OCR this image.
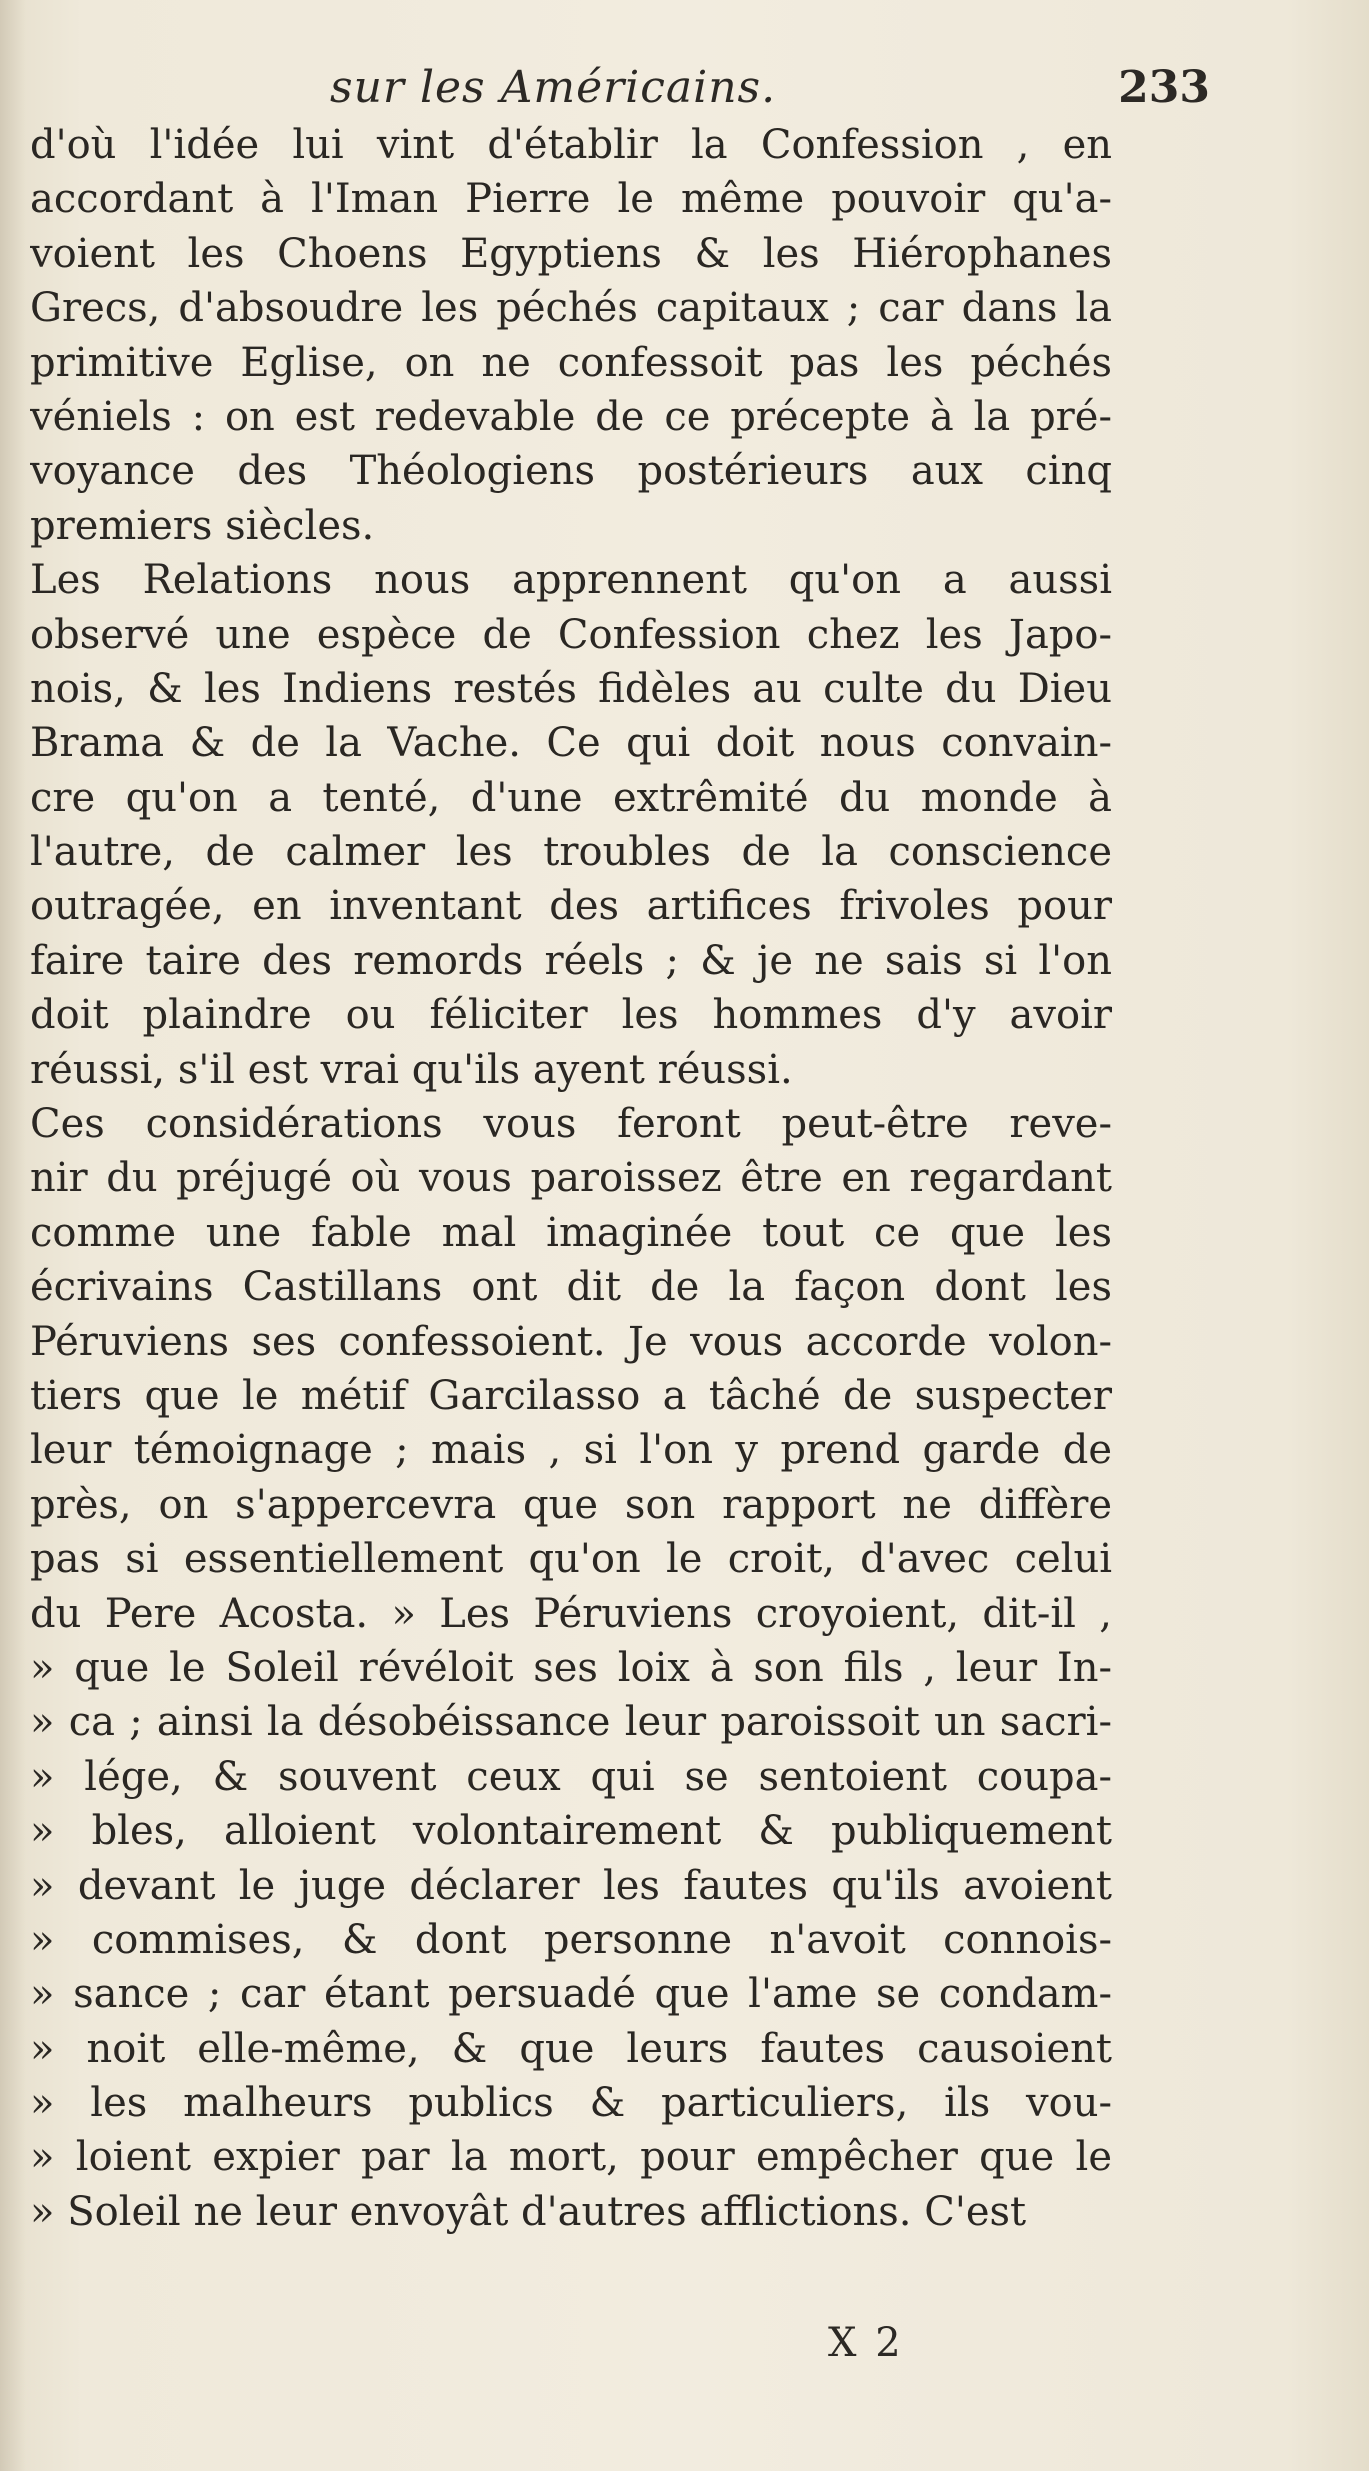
sur les Américains.	233
d'où l'idée lui vint d'établir la Confession , en
accordant à l'Iman Pierre le même pouvoir qu'a-
voient les Choens Egyptiens & les Hiérophanes
Grecs, d'absoudre les péchés capitaux ; car dans la
primitive Eglise, on ne confessoit pas les péchés
véniels : on est redevable de ce précepte à la pré-
voyance des Théologiens postérieurs aux cinq
premiers siècles.
Les Relations nous apprennent qu'on a aussi
observé une espèce de Confession chez les Japo-
nois, & les Indiens restés fidèles au culte du Dieu
Brama & de la Vache. Ce qui doit nous convain-
cre qu'on a tenté, d'une extrêmité du monde à
l'autre, de calmer les troubles de la conscience
outragée, en inventant des artifices frivoles pour
faire taire des remords réels ; & je ne sais si l'on
doit plaindre ou féliciter les hommes d'y avoir
réussi, s'il est vrai qu'ils ayent réussi.
Ces considérations vous feront peut-être reve-
nir du préjugé où vous paroissez être en regardant
comme une fable mal imaginée tout ce que les
écrivains Castillans ont dit de la façon dont les
Péruviens ses confessoient. Je vous accorde volon-
tiers que le métif Garcilasso a tâché de suspecter
leur témoignage ; mais , si l'on y prend garde de
près, on s'appercevra que son rapport ne diffère
pas si essentiellement qu'on le croit, d'avec celui
du Pere Acosta. » Les Péruviens croyoient, dit-il ,
» que le Soleil révéloit ses loix à son fils , leur In-
» ca ; ainsi la désobéissance leur paroissoit un sacri-
» lége, & souvent ceux qui se sentoient coupa-
» bles, alloient volontairement & publiquement
» devant le juge déclarer les fautes qu'ils avoient
» commises, & dont personne n'avoit connois-
» sance ; car étant persuadé que l'ame se condam-
» noit elle-même, & que leurs fautes causoient
» les malheurs publics & particuliers, ils vou-
» loient expier par la mort, pour empêcher que le
» Soleil ne leur envoyât d'autres afflictions. C'est
X 2
